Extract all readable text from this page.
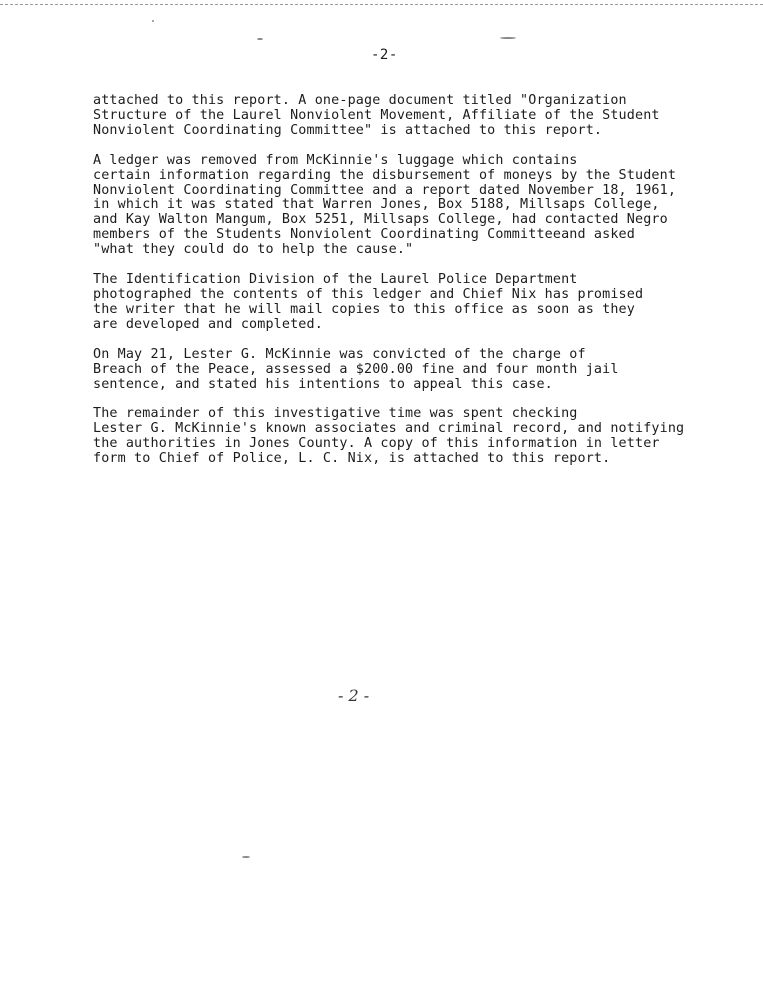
-2-

attached to this report. A one-page document titled "Organization
Structure of the Laurel Nonviolent Movement, Affiliate of the Student
Nonviolent Coordinating Committee" is attached to this report.

A ledger was removed from McKinnie's luggage which contains
certain information regarding the disbursement of moneys by the Student
Nonviolent Coordinating Committee and a report dated November 18, 1961,
in which it was stated that Warren Jones, Box 5188, Millsaps College,
and Kay Walton Mangum, Box 5251, Millsaps College, had contacted Negro
members of the Students Nonviolent Coordinating Committeeand asked
"what they could do to help the cause."

The Identification Division of the Laurel Police Department
photographed the contents of this ledger and Chief Nix has promised
the writer that he will mail copies to this office as soon as they
are developed and completed.

On May 21, Lester G. McKinnie was convicted of the charge of
Breach of the Peace, assessed a $200.00 fine and four month jail
sentence, and stated his intentions to appeal this case.

The remainder of this investigative time was spent checking
Lester G. McKinnie's known associates and criminal record, and notifying
the authorities in Jones County. A copy of this information in letter
form to Chief of Police, L. C. Nix, is attached to this report.

- 2 -
